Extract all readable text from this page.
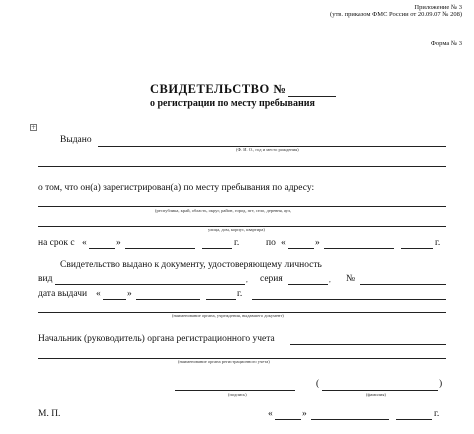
Приложение № 3
(утв. приказом ФМС России от 20.09.07 № 208)
Форма № 3
СВИДЕТЕЛЬСТВО №
о регистрации по месту пребывания
+
Выдано
(Ф. И. О., год и место рождения)
о том, что он(а) зарегистрирован(а) по месту пребывания по адресу:
(республика, край, область, округ, район, город, пгт, село, деревня, аул,
улица, дом, корпус, квартира)
на срок с «	»	г.	по «	»	г.
Свидетельство выдано к документу, удостоверяющему личность
вид	, серия	, №
дата выдачи «	»	г.
(наименование органа, учреждения, выдавшего документ)
Начальник (руководитель) органа регистрационного учета
(наименование органа регистрационного учета)
(подпись)
(	)
(фамилия)
М. П.	«	»	г.
